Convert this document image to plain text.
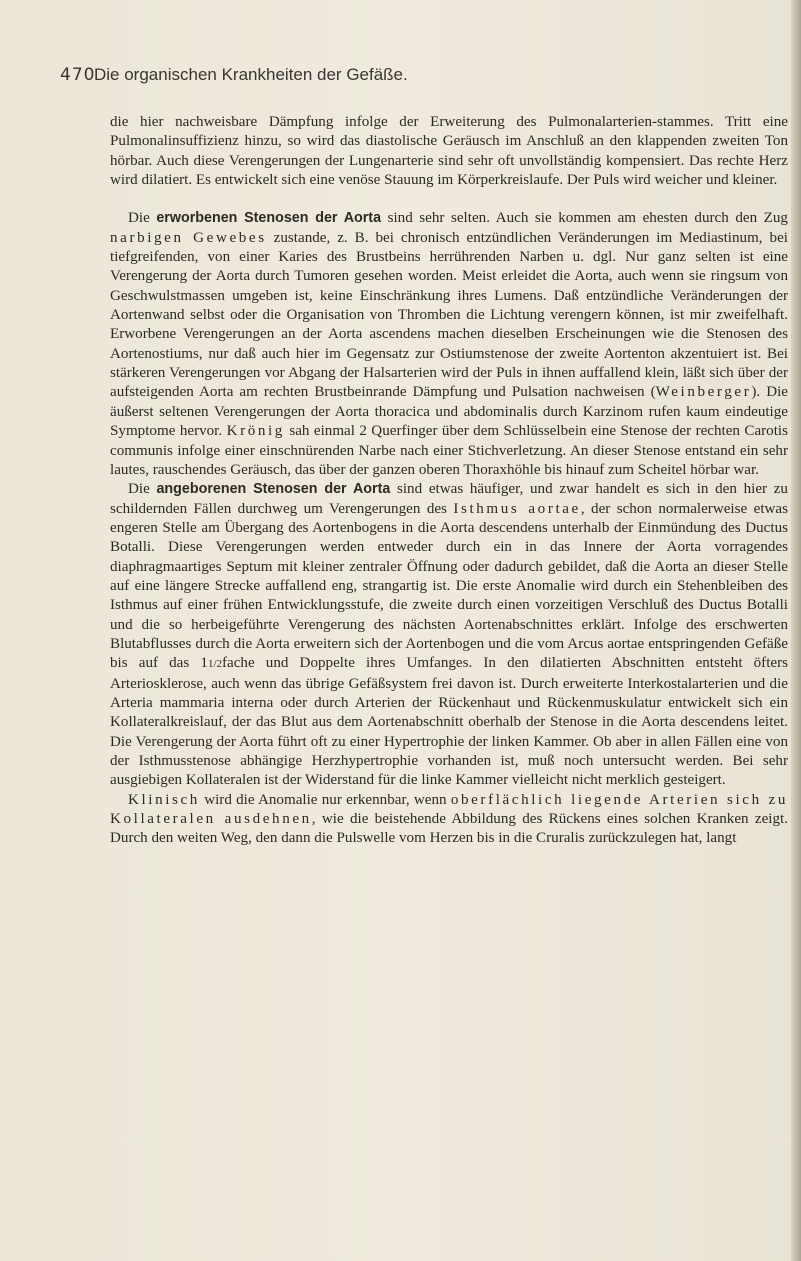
470
Die organischen Krankheiten der Gefäße.

die hier nachweisbare Dämpfung infolge der Erweiterung des Pulmonalarterien-stammes. Tritt eine Pulmonalinsuffizienz hinzu, so wird das diastolische Geräusch im Anschluß an den klappenden zweiten Ton hörbar. Auch diese Verengerungen der Lungenarterie sind sehr oft unvollständig kompensiert. Das rechte Herz wird dilatiert. Es entwickelt sich eine venöse Stauung im Körperkreislaufe. Der Puls wird weicher und kleiner.

Die erworbenen Stenosen der Aorta sind sehr selten. Auch sie kommen am ehesten durch den Zug narbigen Gewebes zustande, z. B. bei chronisch entzündlichen Veränderungen im Mediastinum, bei tiefgreifenden, von einer Karies des Brustbeins herrührenden Narben u. dgl. Nur ganz selten ist eine Verengerung der Aorta durch Tumoren gesehen worden. Meist erleidet die Aorta, auch wenn sie ringsum von Geschwulstmassen umgeben ist, keine Einschränkung ihres Lumens. Daß entzündliche Veränderungen der Aortenwand selbst oder die Organisation von Thromben die Lichtung verengern können, ist mir zweifelhaft. Erworbene Verengerungen an der Aorta ascendens machen dieselben Erscheinungen wie die Stenosen des Aortenostiums, nur daß auch hier im Gegensatz zur Ostiumstenose der zweite Aortenton akzentuiert ist. Bei stärkeren Verengerungen vor Abgang der Halsarterien wird der Puls in ihnen auffallend klein, läßt sich über der aufsteigenden Aorta am rechten Brustbeinrande Dämpfung und Pulsation nachweisen (Weinberger). Die äußerst seltenen Verengerungen der Aorta thoracica und abdominalis durch Karzinom rufen kaum eindeutige Symptome hervor. Krönig sah einmal 2 Querfinger über dem Schlüsselbein eine Stenose der rechten Carotis communis infolge einer einschnürenden Narbe nach einer Stichverletzung. An dieser Stenose entstand ein sehr lautes, rauschendes Geräusch, das über der ganzen oberen Thoraxhöhle bis hinauf zum Scheitel hörbar war.

Die angeborenen Stenosen der Aorta sind etwas häufiger, und zwar handelt es sich in den hier zu schildernden Fällen durchweg um Verengerungen des Isthmus aortae, der schon normalerweise etwas engeren Stelle am Übergang des Aortenbogens in die Aorta descendens unterhalb der Einmündung des Ductus Botalli. Diese Verengerungen werden entweder durch ein in das Innere der Aorta vorragendes diaphragmaartiges Septum mit kleiner zentraler Öffnung oder dadurch gebildet, daß die Aorta an dieser Stelle auf eine längere Strecke auffallend eng, strangartig ist. Die erste Anomalie wird durch ein Stehenbleiben des Isthmus auf einer frühen Entwicklungsstufe, die zweite durch einen vorzeitigen Verschluß des Ductus Botalli und die so herbeigeführte Verengerung des nächsten Aortenabschnittes erklärt. Infolge des erschwerten Blutabflusses durch die Aorta erweitern sich der Aortenbogen und die vom Arcus aortae entspringenden Gefäße bis auf das 11/2fache und Doppelte ihres Umfanges. In den dilatierten Abschnitten entsteht öfters Arteriosklerose, auch wenn das übrige Gefäßsystem frei davon ist. Durch erweiterte Interkostalarterien und die Arteria mammaria interna oder durch Arterien der Rückenhaut und Rückenmuskulatur entwickelt sich ein Kollateralkreislauf, der das Blut aus dem Aortenabschnitt oberhalb der Stenose in die Aorta descendens leitet. Die Verengerung der Aorta führt oft zu einer Hypertrophie der linken Kammer. Ob aber in allen Fällen eine von der Isthmusstenose abhängige Herzhypertrophie vorhanden ist, muß noch untersucht werden. Bei sehr ausgiebigen Kollateralen ist der Widerstand für die linke Kammer vielleicht nicht merklich gesteigert.

Klinisch wird die Anomalie nur erkennbar, wenn oberflächlich liegende Arterien sich zu Kollateralen ausdehnen, wie die beistehende Abbildung des Rückens eines solchen Kranken zeigt. Durch den weiten Weg, den dann die Pulswelle vom Herzen bis in die Cruralis zurückzulegen hat, langt
